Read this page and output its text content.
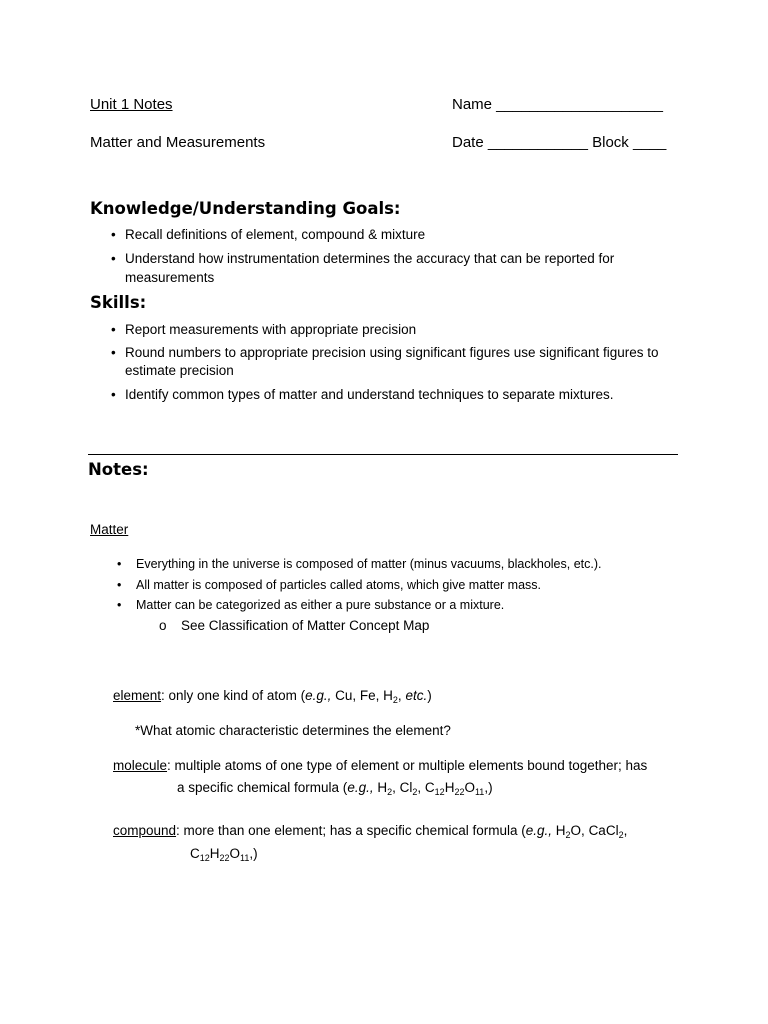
Unit 1 Notes	Name ____________________
Matter and Measurements	Date ____________ Block ____
Knowledge/Understanding Goals:
• Recall definitions of element, compound & mixture
• Understand how instrumentation determines the accuracy that can be reported for
measurements
Skills:
• Report measurements with appropriate precision
• Round numbers to appropriate precision using significant figures use significant figures to
estimate precision
• Identify common types of matter and understand techniques to separate mixtures.
Notes:
Matter
• Everything in the universe is composed of matter (minus vacuums, blackholes, etc.).
• All matter is composed of particles called atoms, which give matter mass.
• Matter can be categorized as either a pure substance or a mixture.
o See Classification of Matter Concept Map
element: only one kind of atom (e.g., Cu, Fe, $H_2$, etc.)
*What atomic characteristic determines the element?
molecule: multiple atoms of one type of element or multiple elements bound together; has
a specific chemical formula (e.g., $H_2$, $Cl_2$, $C_{12}H_{22}O_{11}$,)
compound: more than one element; has a specific chemical formula (e.g., $H_2O$, CaCl$_2$,
$C_{12}H_{22}O_{11}$,)
